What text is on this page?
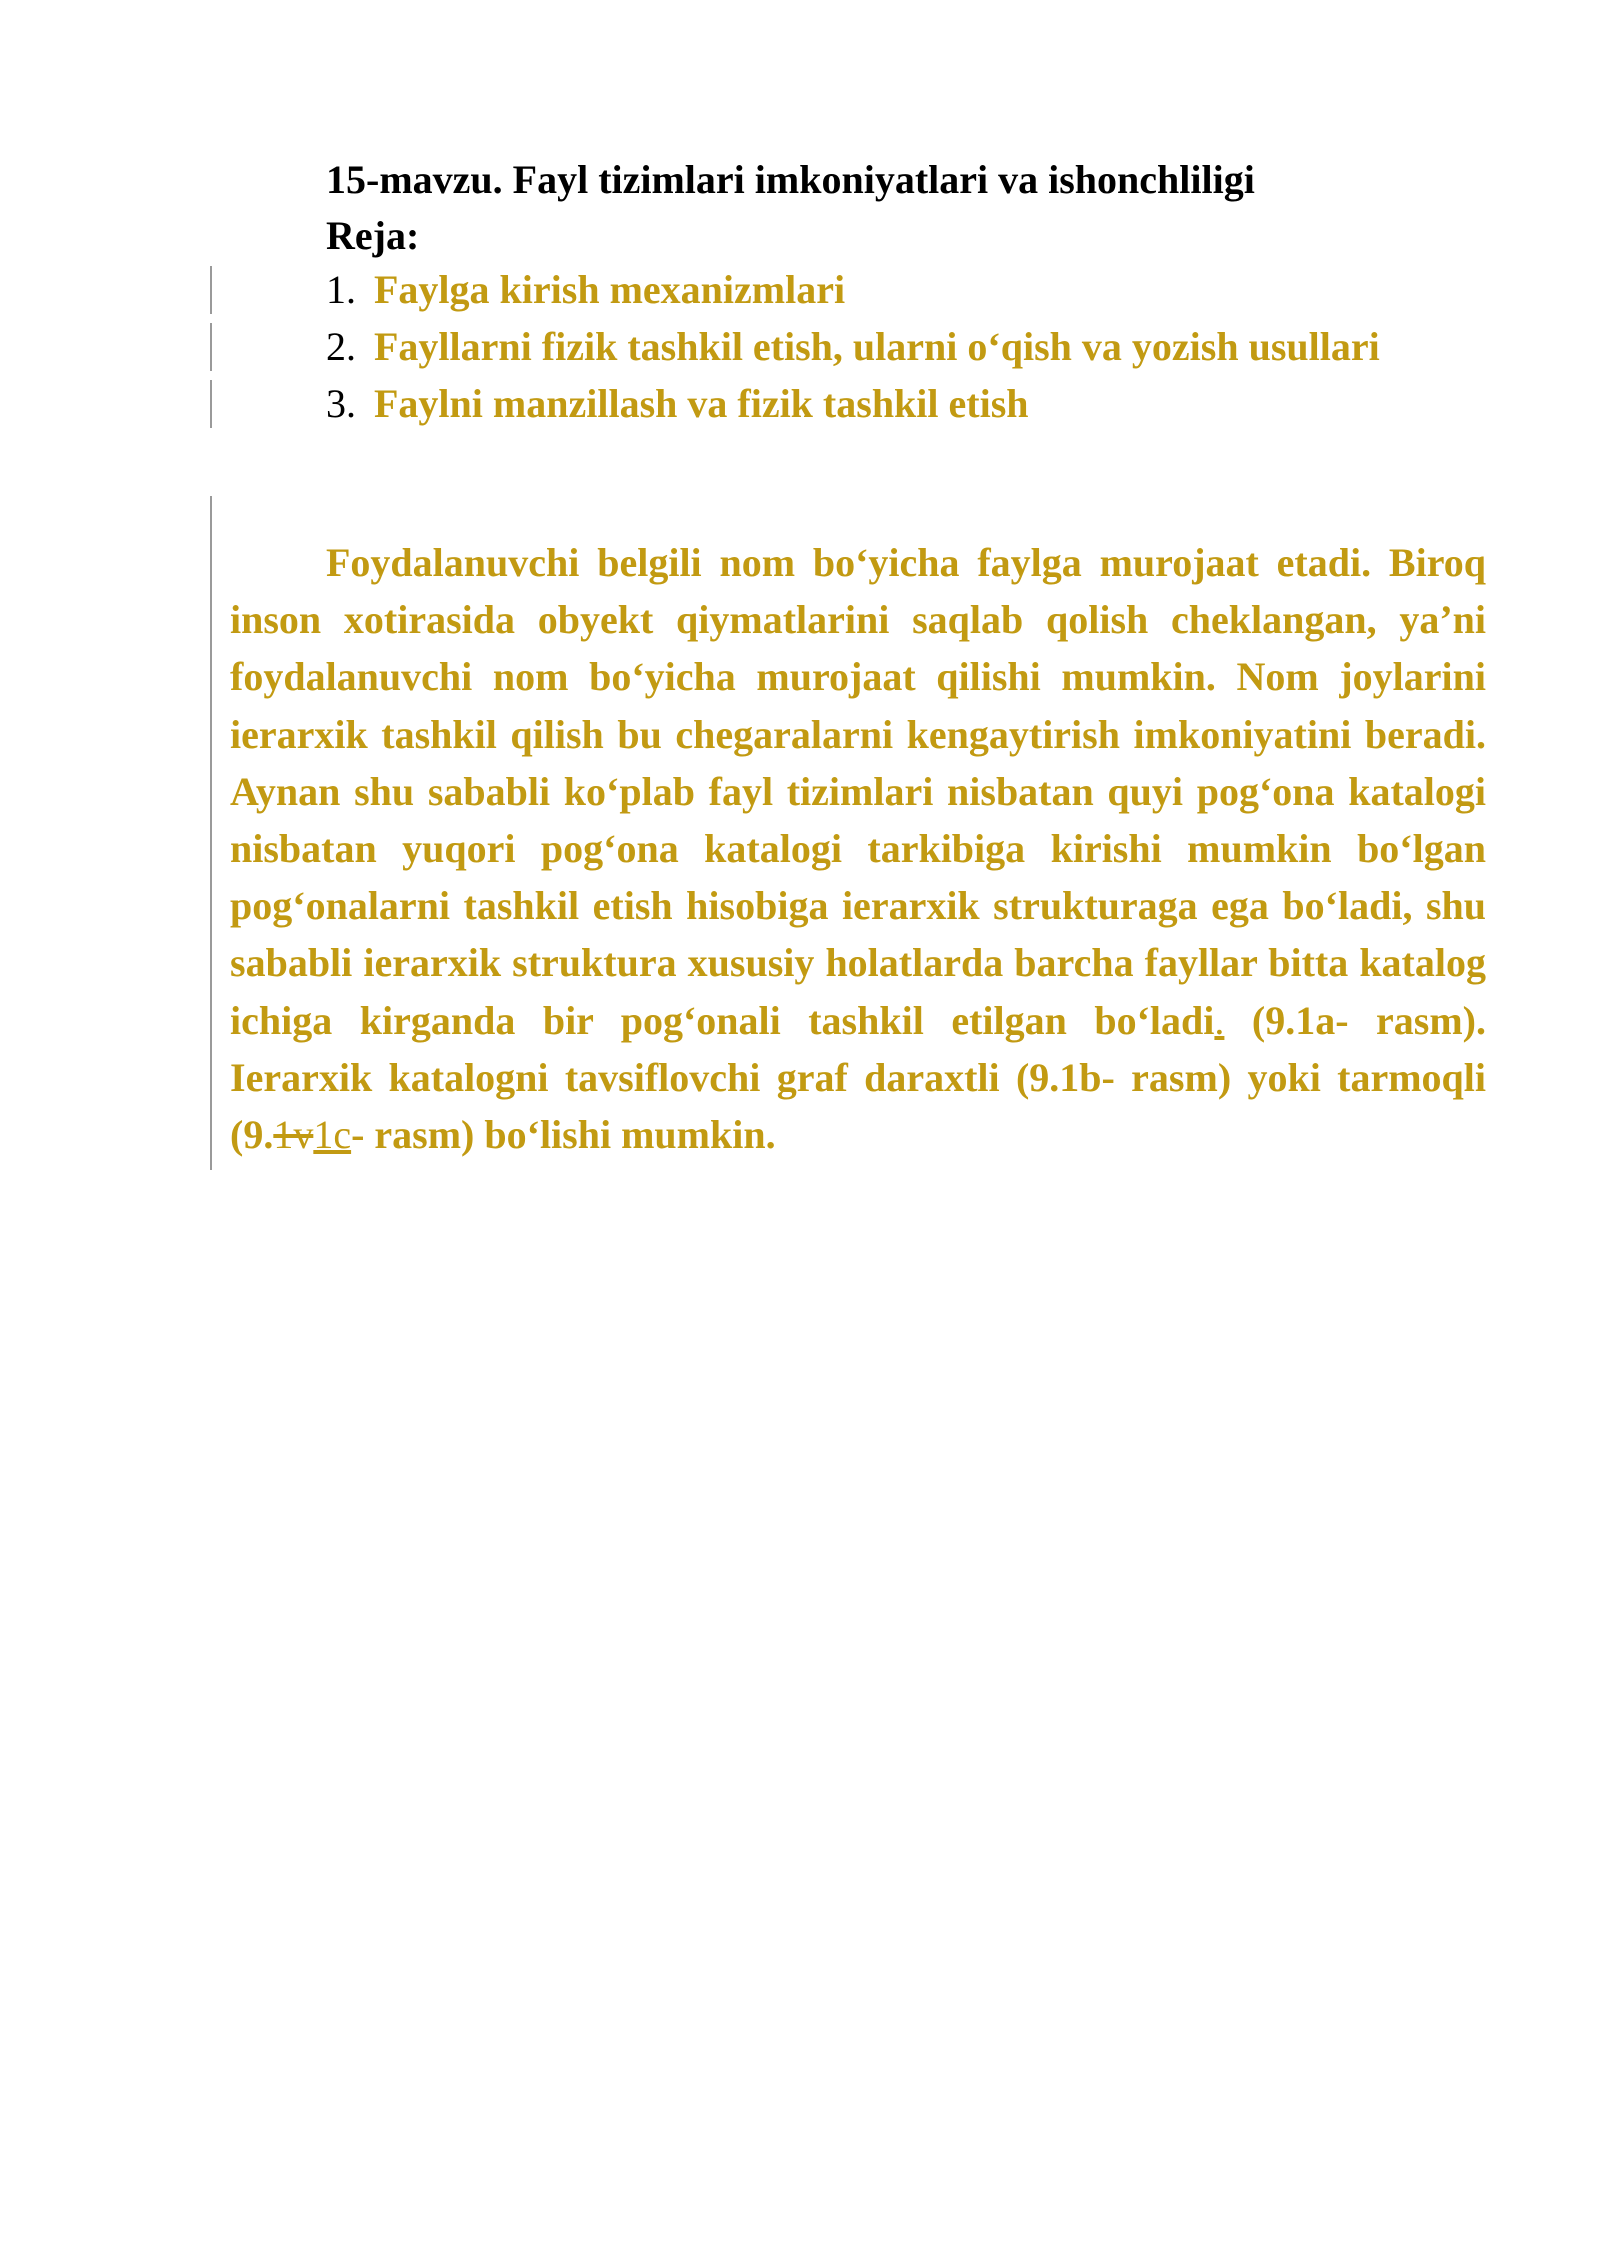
15-mavzu. Fayl tizimlari imkoniyatlari va ishonchliligi
Reja:
1. Faylga kirish mexanizmlari
2. Fayllarni fizik tashkil etish, ularni o‘qish va yozish usullari
3. Faylni manzillash va fizik tashkil etish

Foydalanuvchi belgili nom bo‘yicha faylga murojaat etadi. Biroq inson xotirasida obyekt qiymatlarini saqlab qolish cheklangan, ya’ni foydalanuvchi nom bo‘yicha murojaat qilishi mumkin. Nom joylarini ierarxik tashkil qilish bu chegaralarni kengaytirish imkoniyatini beradi. Aynan shu sababli ko‘plab fayl tizimlari nisbatan quyi pog‘ona katalogi nisbatan yuqori pog‘ona katalogi tarkibiga kirishi mumkin bo‘lgan pog‘onalarni tashkil etish hisobiga ierarxik strukturaga ega bo‘ladi, shu sababli ierarxik struktura xususiy holatlarda barcha fayllar bitta katalog ichiga kirganda bir pog‘onali tashkil etilgan bo‘ladi. (9.1a- rasm). Ierarxik katalogni tavsiflovchi graf daraxtli (9.1b- rasm) yoki tarmoqli (9.1v1c- rasm) bo‘lishi mumkin.
